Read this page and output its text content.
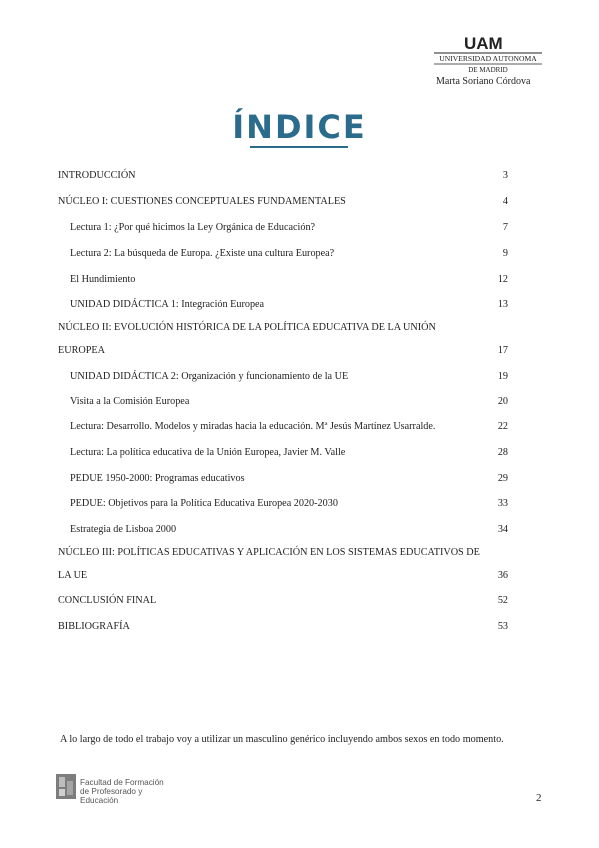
UAM
UNIVERSIDAD AUTONOMA
DE MADRID
Marta Soriano Córdova
ÍNDICE
INTRODUCCIÓN	3
NÚCLEO I: CUESTIONES CONCEPTUALES FUNDAMENTALES	4
Lectura 1: ¿Por qué hicimos la Ley Orgánica de Educación?	7
Lectura 2: La búsqueda de Europa. ¿Existe una cultura Europea?	9
El Hundimiento	12
UNIDAD DIDÁCTICA 1: Integración Europea	13
NÚCLEO II: EVOLUCIÓN HISTÓRICA DE LA POLÍTICA EDUCATIVA DE LA UNIÓN
EUROPEA	17
UNIDAD DIDÁCTICA 2: Organización y funcionamiento de la UE	19
Visita a la Comisión Europea	20
Lectura: Desarrollo. Modelos y miradas hacia la educación. Mª Jesús Martínez Usarralde.	22
Lectura: La política educativa de la Unión Europea, Javier M. Valle	28
PEDUE 1950-2000: Programas educativos	29
PEDUE: Objetivos para la Política Educativa Europea 2020-2030	33
Estrategia de Lisboa 2000	34
NÚCLEO III: POLÍTICAS EDUCATIVAS Y APLICACIÓN EN LOS SISTEMAS EDUCATIVOS DE
LA UE	36
CONCLUSIÓN FINAL	52
BIBLIOGRAFÍA	53
A lo largo de todo el trabajo voy a utilizar un masculino genérico incluyendo ambos sexos en todo momento.
Facultad de Formación
de Profesorado y Educación	2
